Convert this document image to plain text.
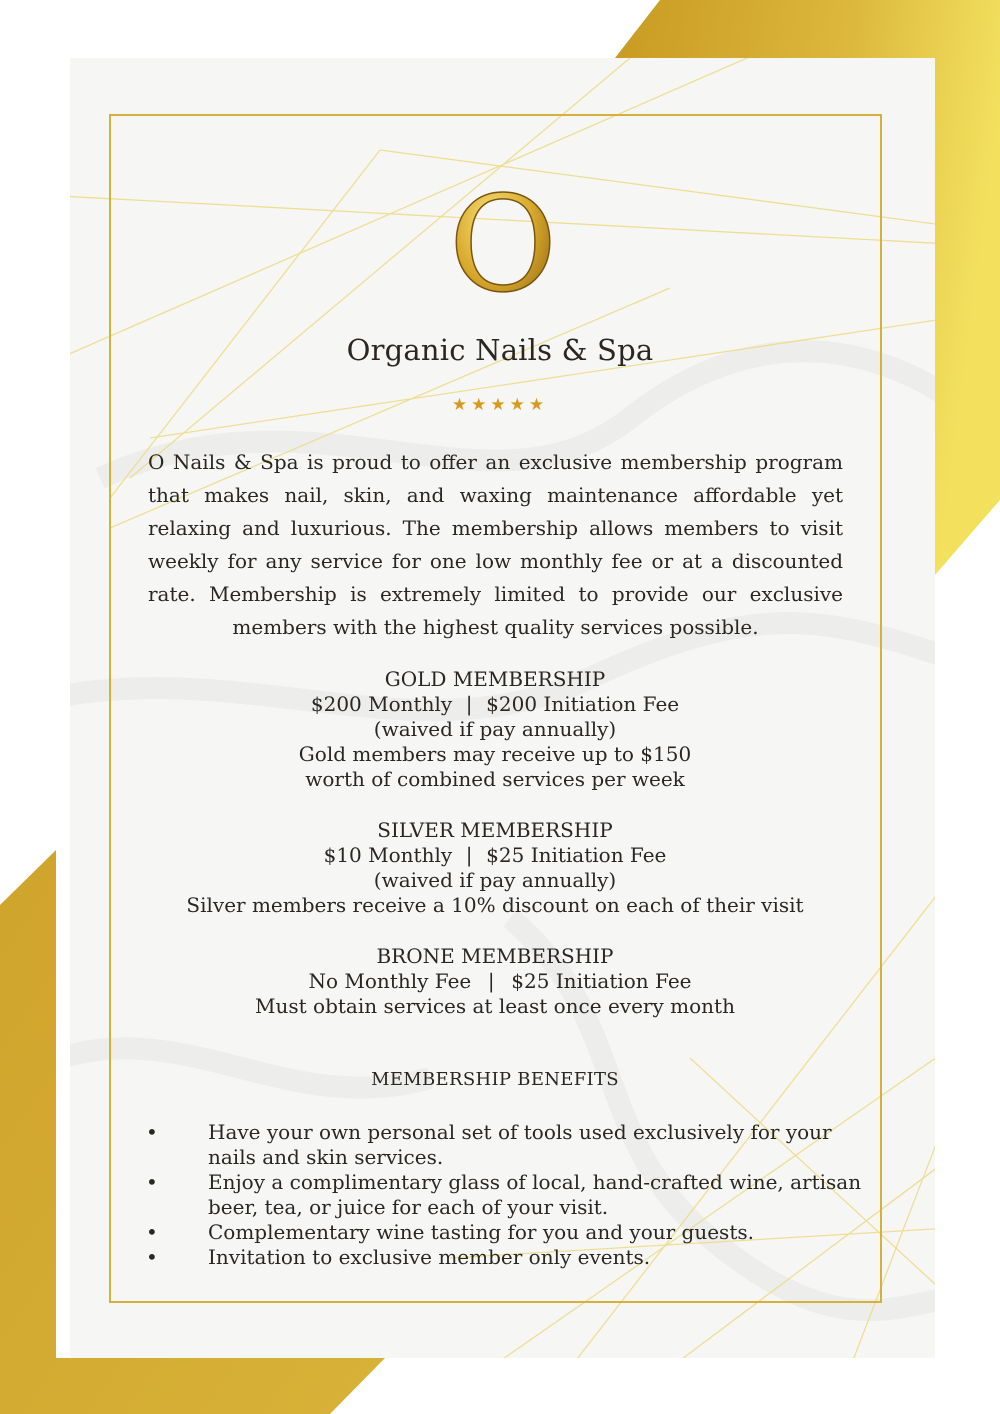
O
Organic Nails & Spa
★★★★★
O Nails & Spa is proud to offer an exclusive membership program that makes nail, skin, and waxing maintenance affordable yet relaxing and luxurious. The membership allows members to visit weekly for any service for one low monthly fee or at a discounted rate. Membership is extremely limited to provide our exclusive members with the highest quality services possible.
GOLD MEMBERSHIP
$200 Monthly | $200 Initiation Fee
(waived if pay annually)
Gold members may receive up to $150
worth of combined services per week
SILVER MEMBERSHIP
$10 Monthly | $25 Initiation Fee
(waived if pay annually)
Silver members receive a 10% discount on each of their visit
BRONE MEMBERSHIP
No Monthly Fee | $25 Initiation Fee
Must obtain services at least once every month
MEMBERSHIP BENEFITS
•	Have your own personal set of tools used exclusively for your nails and skin services.
•	Enjoy a complimentary glass of local, hand-crafted wine, artisan beer, tea, or juice for each of your visit.
•	Complementary wine tasting for you and your guests.
•	Invitation to exclusive member only events.
